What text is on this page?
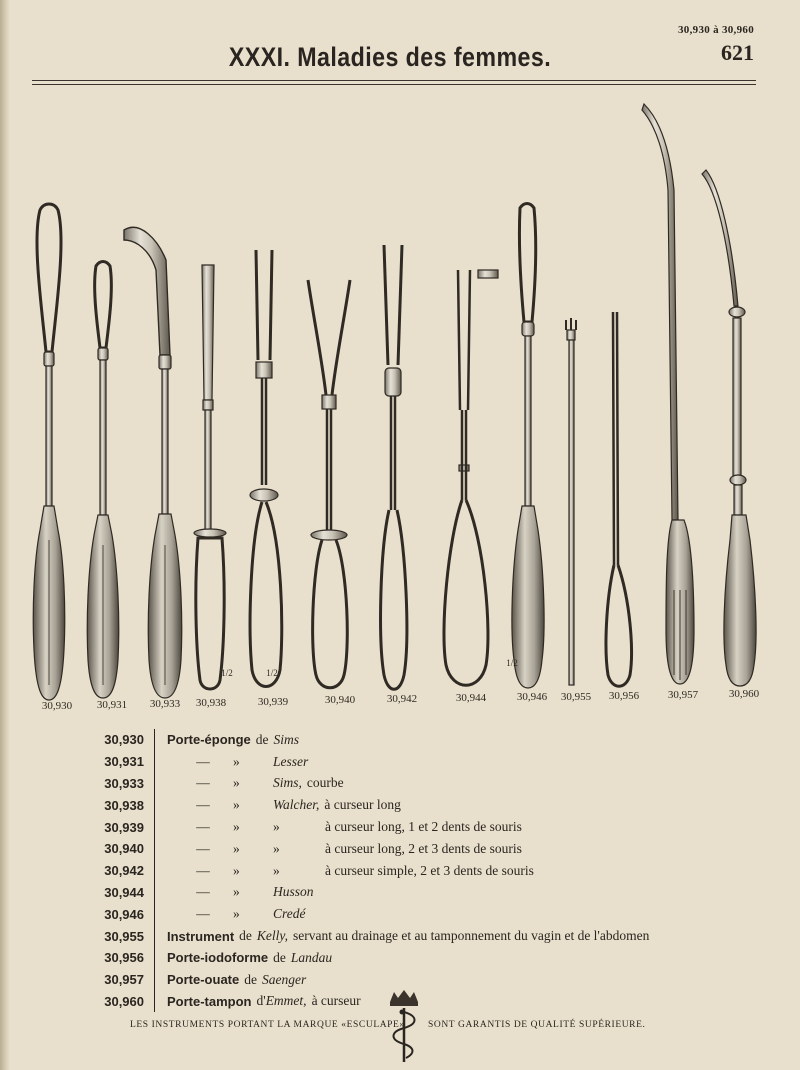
30,930 à 30,960
621
XXXI. Maladies des femmes.
1/2	1/2
1/2
30,930 30,931 30,933 30,938	30,939	30,940	30,942	30,944	30,946 30,955 30,956	30,957	30,960
30,930	Porte-éponge de Sims
30,931	—	»	Lesser
30,933	—	»	Sims, courbe
30,938	—	»	Walcher, à curseur long
30,939	—	»	»	à curseur long, 1 et 2 dents de souris
30,940	—	»	»	à curseur long, 2 et 3 dents de souris
30,942	—	»	»	à curseur simple, 2 et 3 dents de souris
30,944	—	»	Husson
30,946	—	»	Credé
30,955	Instrument de Kelly, servant au drainage et au tamponnement du vagin et de l'abdomen
30,956	Porte-iodoforme de Landau
30,957	Porte-ouate de Saenger
30,960	Porte-tampon d' Emmet, à curseur
LES INSTRUMENTS PORTANT LA MARQUE «ESCULAPE» SONT GARANTIS DE QUALITÉ SUPÉRIEURE.
